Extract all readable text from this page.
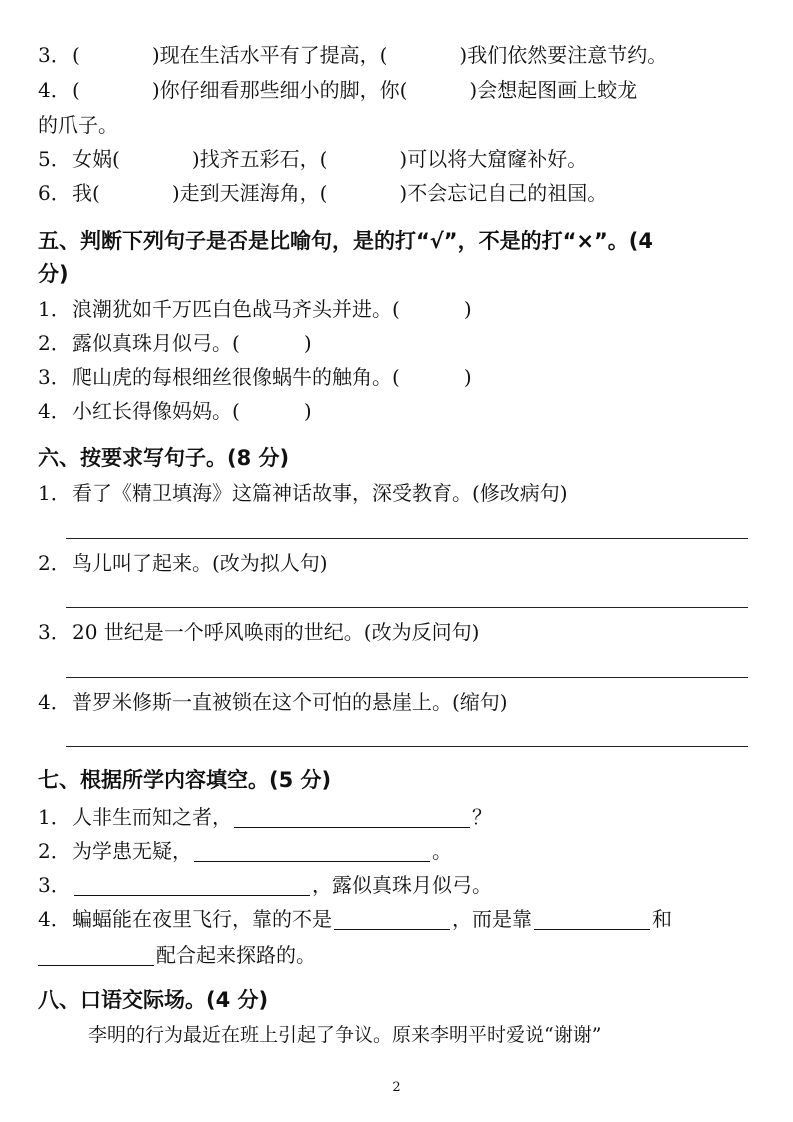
3．(	)现在生活水平有了提高，(	)我们依然要注意节约。
4．(	)你仔细看那些细小的脚，你(	)会想起图画上蛟龙
的爪子。
5．女娲(	)找齐五彩石，(	)可以将大窟窿补好。
6．我(	)走到天涯海角，(	)不会忘记自己的祖国。
五、判断下列句子是否是比喻句，是的打“√”，不是的打“×”。(4
分)
1．浪潮犹如千万匹白色战马齐头并进。(	)
2．露似真珠月似弓。(	)
3．爬山虎的每根细丝很像蜗牛的触角。(	)
4．小红长得像妈妈。(	)
六、按要求写句子。(8 分)
1．看了《精卫填海》这篇神话故事，深受教育。(修改病句)
2．鸟儿叫了起来。(改为拟人句)
3．20 世纪是一个呼风唤雨的世纪。(改为反问句)
4．普罗米修斯一直被锁在这个可怕的悬崖上。(缩句)
七、根据所学内容填空。(5 分)
1．人非生而知之者，	？
2．为学患无疑，	。
3．	，露似真珠月似弓。
4．蝙蝠能在夜里飞行，靠的不是	，而是靠	和
配合起来探路的。
八、口语交际场。(4 分)
李明的行为最近在班上引起了争议。原来李明平时爱说“谢谢”
2
